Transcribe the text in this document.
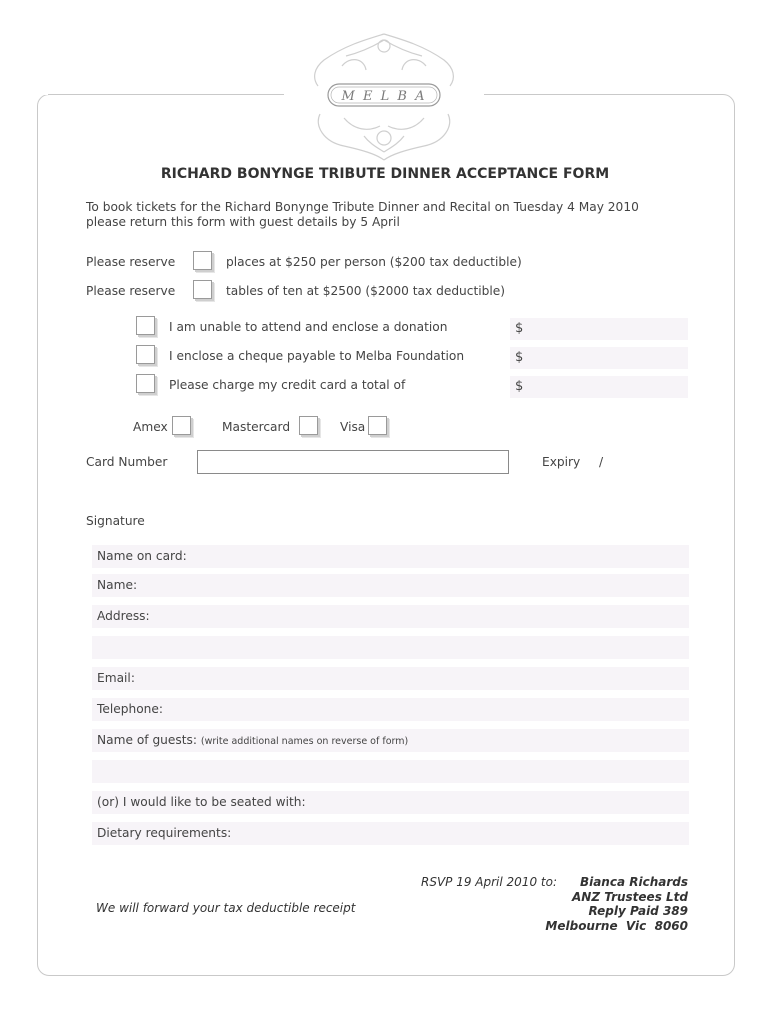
M E L B A
RICHARD BONYNGE TRIBUTE DINNER ACCEPTANCE FORM
To book tickets for the Richard Bonynge Tribute Dinner and Recital on Tuesday 4 May 2010
please return this form with guest details by 5 April
Please reserve	places at $250 per person ($200 tax deductible)
Please reserve	tables of ten at $2500 ($2000 tax deductible)
I am unable to attend and enclose a donation	$
I enclose a cheque payable to Melba Foundation	$
Please charge my credit card a total of	$
Amex	Mastercard	Visa
Card Number	Expiry /
Signature
Name on card:
Name:
Address:
Email:
Telephone:
Name of guests: (write additional names on reverse of form)
(or) I would like to be seated with:
Dietary requirements:
We will forward your tax deductible receipt
RSVP 19 April 2010 to:	Bianca Richards
ANZ Trustees Ltd
Reply Paid 389
Melbourne  Vic  8060
